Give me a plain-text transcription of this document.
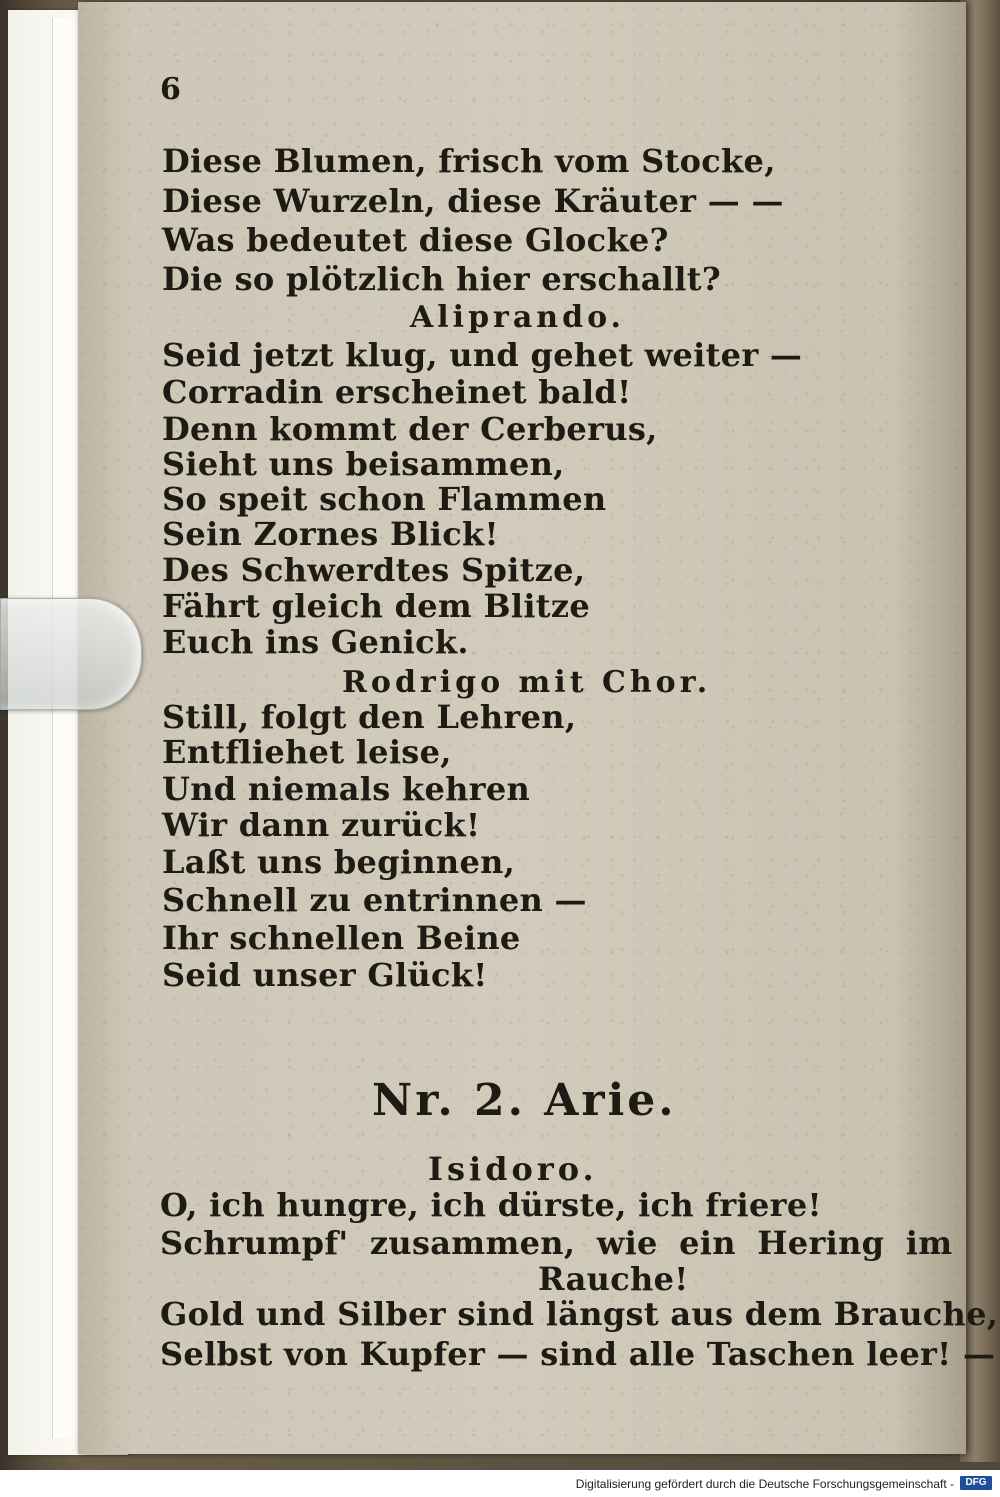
6
Diese Blumen, frisch vom Stocke,
Diese Wurzeln, diese Kräuter — —
Was bedeutet diese Glocke?
Die so plötzlich hier erschallt?
Aliprando.
Seid jetzt klug, und gehet weiter —
Corradin erscheinet bald!
Denn kommt der Cerberus,
Sieht uns beisammen,
So speit schon Flammen
Sein Zornes Blick!
Des Schwerdtes Spitze,
Fährt gleich dem Blitze
Euch ins Genick.
Rodrigo mit Chor.
Still, folgt den Lehren,
Entfliehet leise,
Und niemals kehren
Wir dann zurück!
Laßt uns beginnen,
Schnell zu entrinnen —
Ihr schnellen Beine
Seid unser Glück!
Nr. 2. Arie.
Isidoro.
O, ich hungre, ich dürste, ich friere!
Schrumpf' zusammen, wie ein Hering im
Rauche!
Gold und Silber sind längst aus dem Brauche,
Selbst von Kupfer — sind alle Taschen leer! —
Digitalisierung gefördert durch die Deutsche Forschungsgemeinschaft -	DFG
